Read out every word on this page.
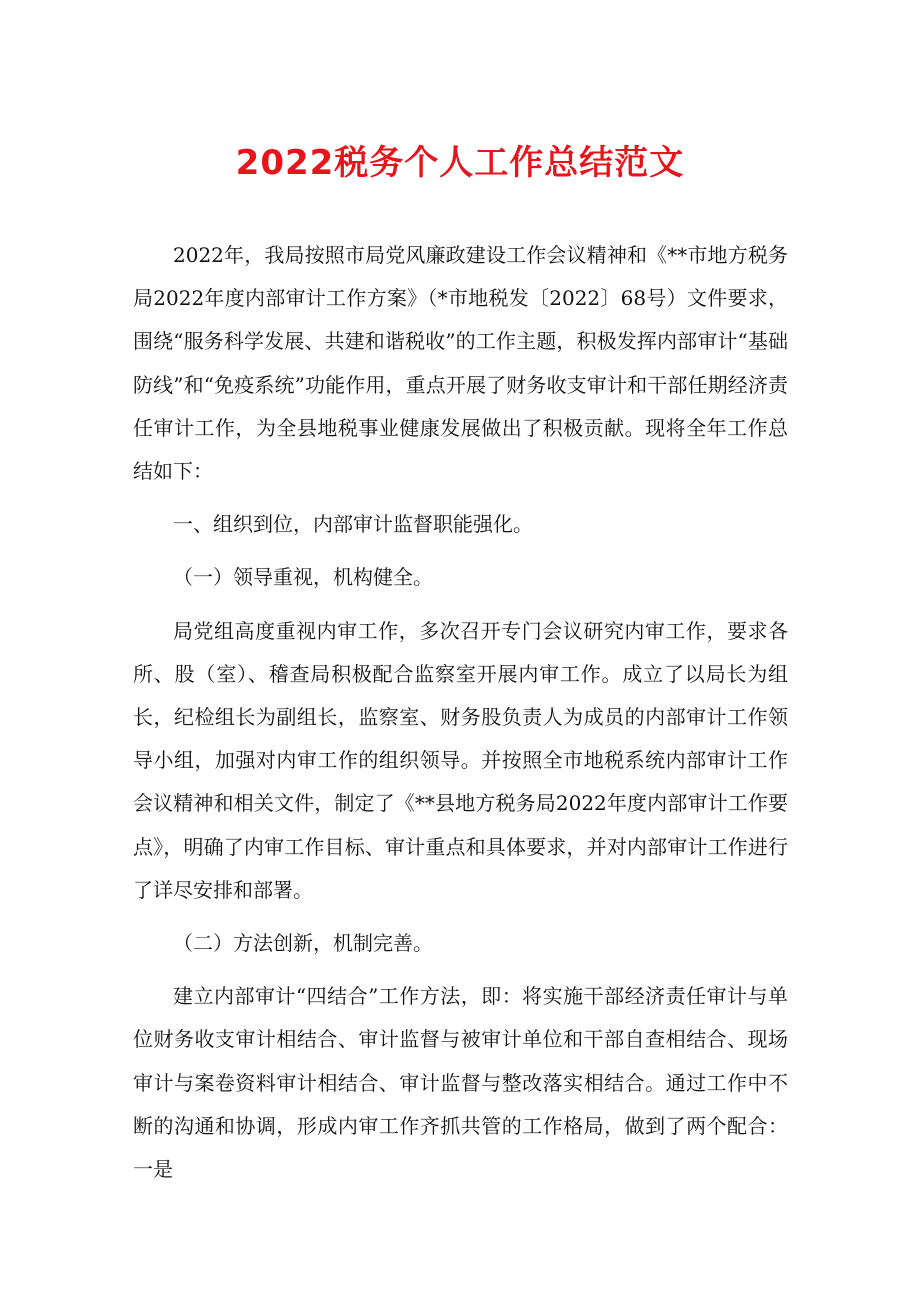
2022税务个人工作总结范文

2022年，我局按照市局党风廉政建设工作会议精神和《**市地方税务局2022年度内部审计工作方案》（*市地税发〔2022〕68号）文件要求，围绕“服务科学发展、共建和谐税收”的工作主题，积极发挥内部审计“基础防线”和“免疫系统”功能作用，重点开展了财务收支审计和干部任期经济责任审计工作，为全县地税事业健康发展做出了积极贡献。现将全年工作总结如下：

一、组织到位，内部审计监督职能强化。

（一）领导重视，机构健全。

局党组高度重视内审工作，多次召开专门会议研究内审工作，要求各所、股（室）、稽查局积极配合监察室开展内审工作。成立了以局长为组长，纪检组长为副组长，监察室、财务股负责人为成员的内部审计工作领导小组，加强对内审工作的组织领导。并按照全市地税系统内部审计工作会议精神和相关文件，制定了《**县地方税务局2022年度内部审计工作要点》，明确了内审工作目标、审计重点和具体要求，并对内部审计工作进行了详尽安排和部署。

（二）方法创新，机制完善。

建立内部审计“四结合”工作方法，即：将实施干部经济责任审计与单位财务收支审计相结合、审计监督与被审计单位和干部自查相结合、现场审计与案卷资料审计相结合、审计监督与整改落实相结合。通过工作中不断的沟通和协调，形成内审工作齐抓共管的工作格局，做到了两个配合：一是
